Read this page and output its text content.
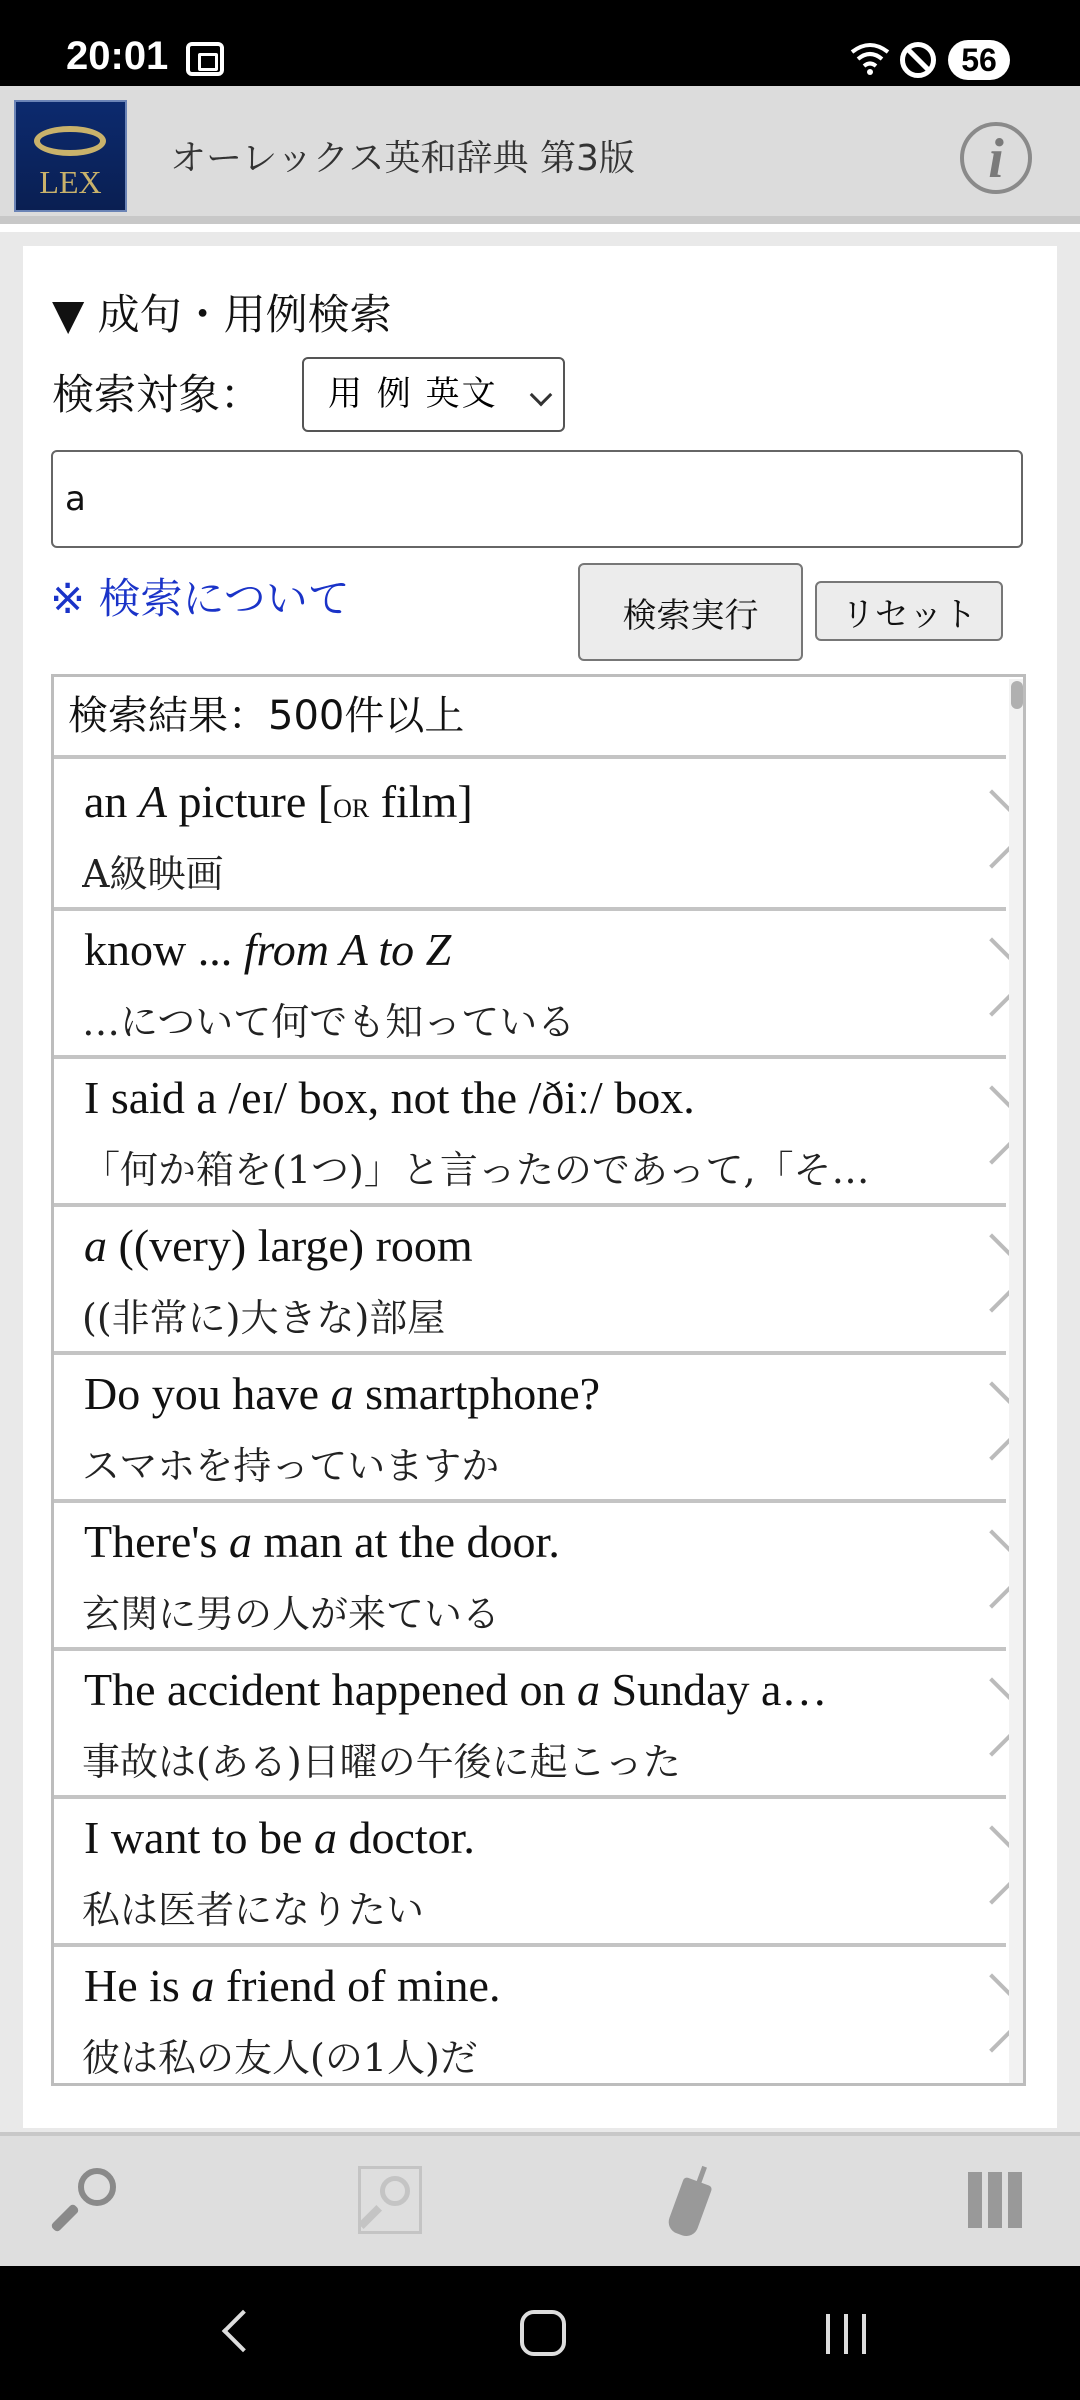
20:01	56
LEX
オーレックス英和辞典 第3版	i
▼ 成句・用例検索
検索対象：	用 例 英文
a
※ 検索について	検索実行	リセット
検索結果：500件以上
an A picture [OR film]
A級映画
know ... from A to Z
…について何でも知っている
I said a /eɪ/ box, not the /ðiː/ box.
「何か箱を(1つ)」と言ったのであって,「そ…
a ((very) large) room
((非常に)大きな)部屋
Do you have a smartphone?
スマホを持っていますか
There's a man at the door.
玄関に男の人が来ている
The accident happened on a Sunday a…
事故は(ある)日曜の午後に起こった
I want to be a doctor.
私は医者になりたい
He is a friend of mine.
彼は私の友人(の1人)だ
